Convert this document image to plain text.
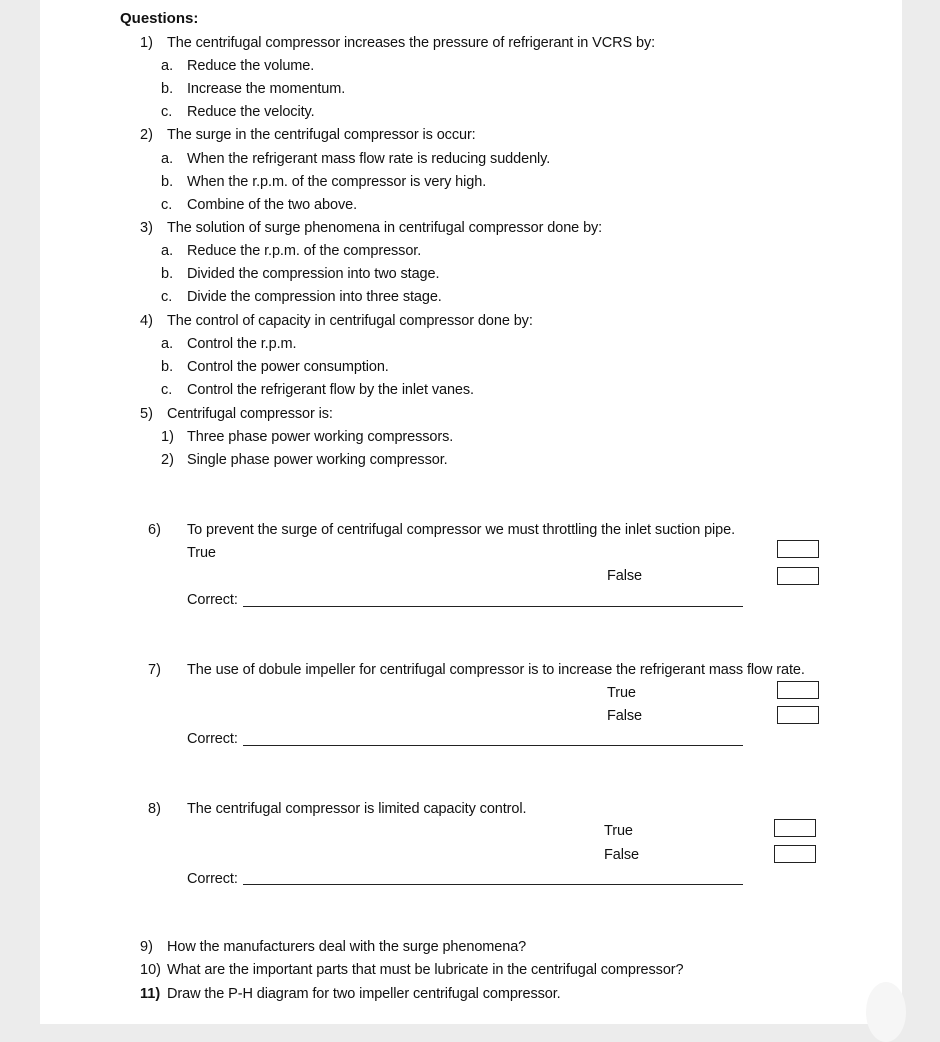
Questions:
1) The centrifugal compressor increases the pressure of refrigerant in VCRS by:
a. Reduce the volume.
b. Increase the momentum.
c. Reduce the velocity.
2) The surge in the centrifugal compressor is occur:
a. When the refrigerant mass flow rate is reducing suddenly.
b. When the r.p.m. of the compressor is very high.
c. Combine of the two above.
3) The solution of surge phenomena in centrifugal compressor done by:
a. Reduce the r.p.m. of the compressor.
b. Divided the compression into two stage.
c. Divide the compression into three stage.
4) The control of capacity in centrifugal compressor done by:
a. Control the r.p.m.
b. Control the power consumption.
c. Control the refrigerant flow by the inlet vanes.
5) Centrifugal compressor is:
1) Three phase power working compressors.
2) Single phase power working compressor.
6) To prevent the surge of centrifugal compressor we must throttling the inlet suction pipe.
True
False
Correct:
7) The use of dobule impeller for centrifugal compressor is to increase the refrigerant mass flow rate.
True
False
Correct:
8) The centrifugal compressor is limited capacity control.
True
False
Correct:
9) How the manufacturers deal with the surge phenomena?
10) What are the important parts that must be lubricate in the centrifugal compressor?
11) Draw the P-H diagram for two impeller centrifugal compressor.
